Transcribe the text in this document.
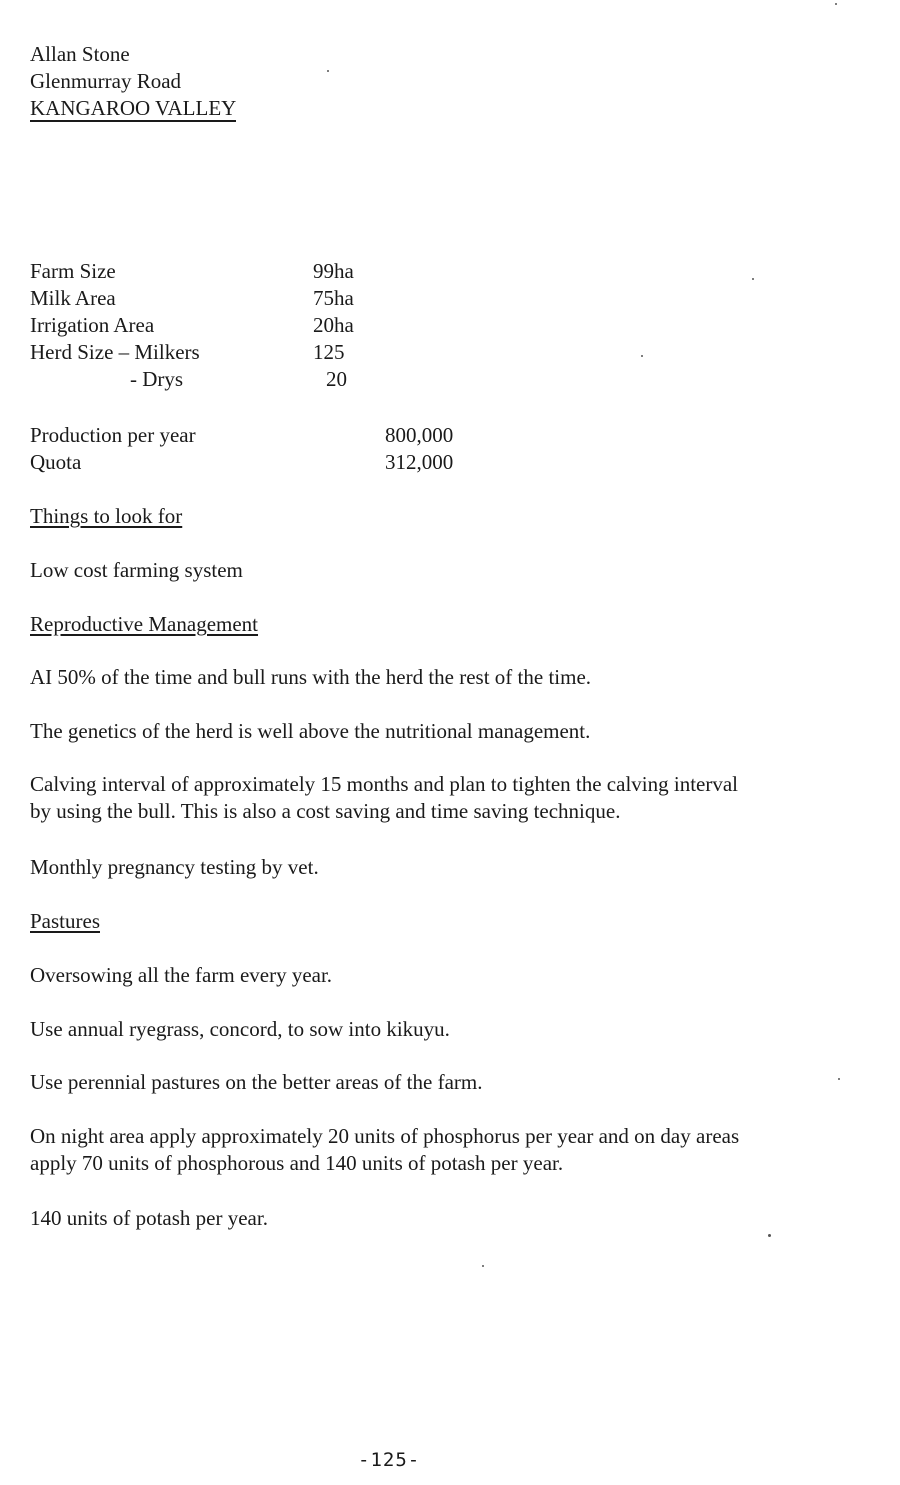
Allan Stone
Glenmurray Road
KANGAROO VALLEY
Farm Size	99ha
Milk Area	75ha
Irrigation Area	20ha
Herd Size – Milkers	125
- Drys	20
Production per year	800,000
Quota	312,000
Things to look for
Low cost farming system
Reproductive Management
AI 50% of the time and bull runs with the herd the rest of the time.
The genetics of the herd is well above the nutritional management.
Calving interval of approximately 15 months and plan to tighten the calving interval
by using the bull. This is also a cost saving and time saving technique.
Monthly pregnancy testing by vet.
Pastures
Oversowing all the farm every year.
Use annual ryegrass, concord, to sow into kikuyu.
Use perennial pastures on the better areas of the farm.
On night area apply approximately 20 units of phosphorus per year and on day areas
apply 70 units of phosphorous and 140 units of potash per year.
140 units of potash per year.
-125-
